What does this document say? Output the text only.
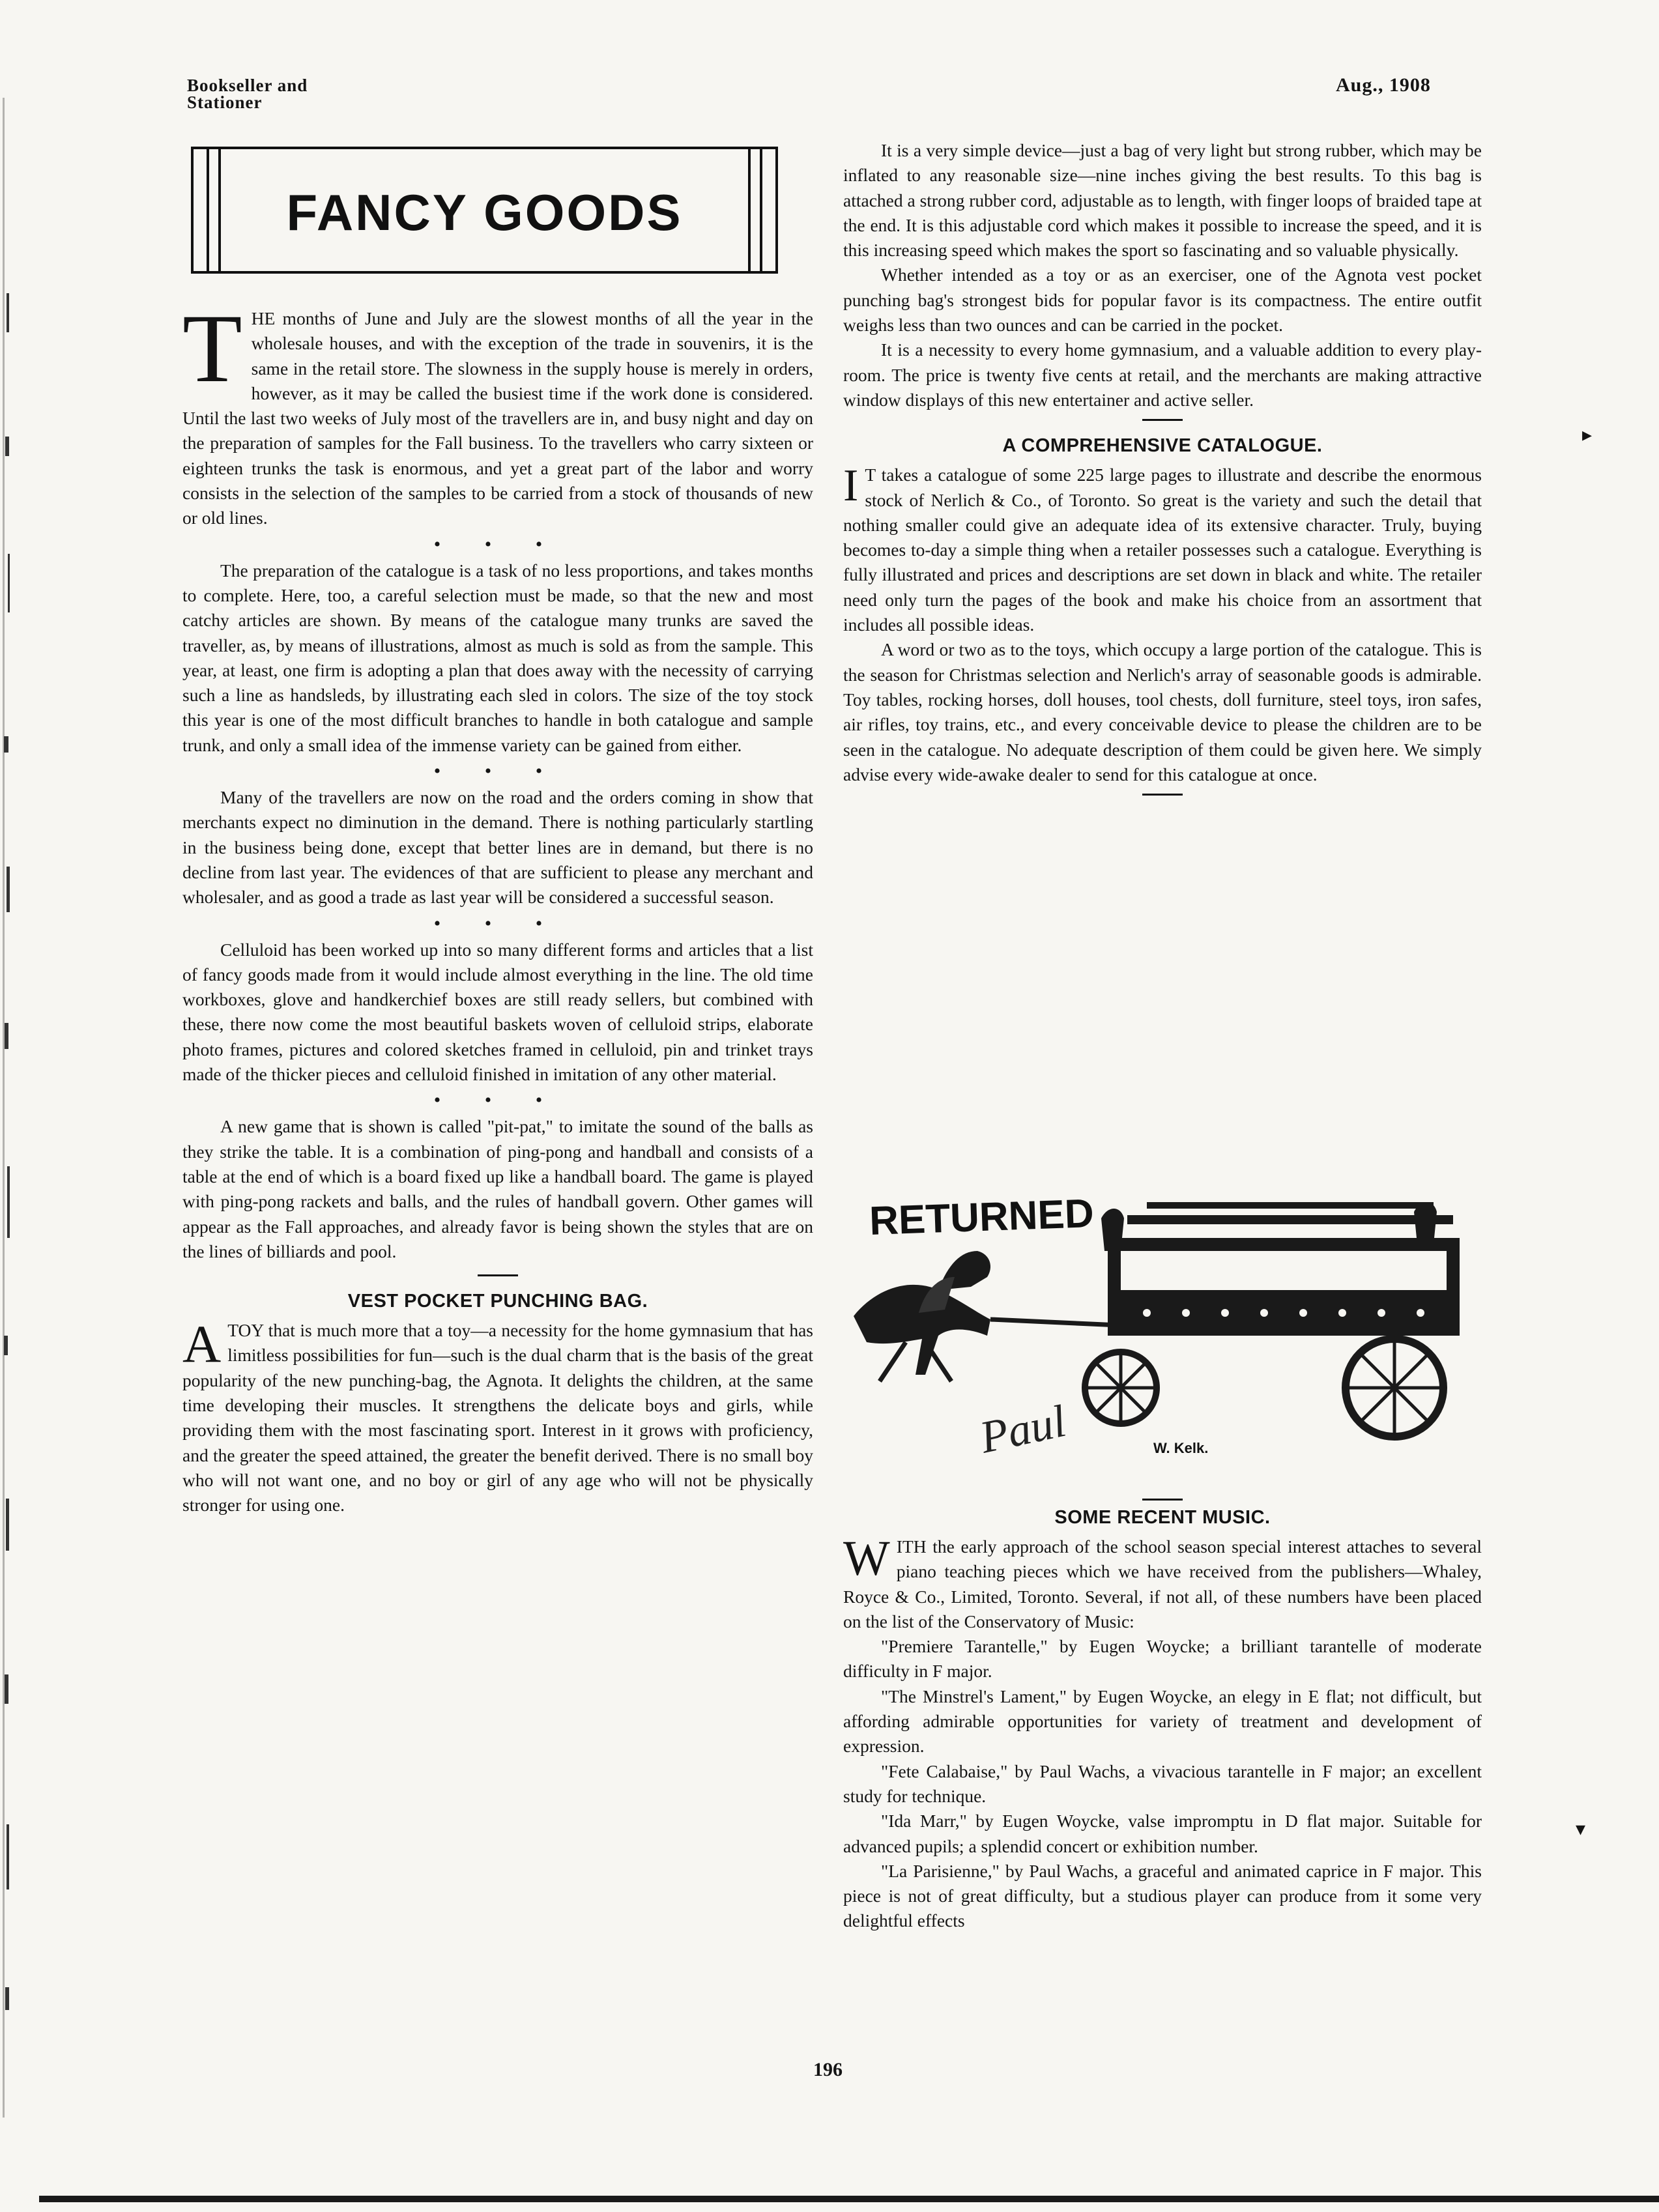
Bookseller and
Stationer
Aug., 1908
FANCY GOODS

THE months of June and July are the slowest months of all the year in the wholesale houses, and with the exception of the trade in souvenirs, it is the same in the retail store. The slowness in the supply house is merely in orders, however, as it may be called the busiest time if the work done is considered. Until the last two weeks of July most of the travellers are in, and busy night and day on the preparation of samples for the Fall business. To the travellers who carry sixteen or eighteen trunks the task is enormous, and yet a great part of the labor and worry consists in the selection of the samples to be carried from a stock of thousands of new or old lines.

• • •

The preparation of the catalogue is a task of no less proportions, and takes months to complete. Here, too, a careful selection must be made, so that the new and most catchy articles are shown. By means of the catalogue many trunks are saved the traveller, as, by means of illustrations, almost as much is sold as from the sample. This year, at least, one firm is adopting a plan that does away with the necessity of carrying such a line as handsleds, by illustrating each sled in colors. The size of the toy stock this year is one of the most difficult branches to handle in both catalogue and sample trunk, and only a small idea of the immense variety can be gained from either.

• • •

Many of the travellers are now on the road and the orders coming in show that merchants expect no diminution in the demand. There is nothing particularly startling in the business being done, except that better lines are in demand, but there is no decline from last year. The evidences of that are sufficient to please any merchant and wholesaler, and as good a trade as last year will be considered a successful season.

• • •

Celluloid has been worked up into so many different forms and articles that a list of fancy goods made from it would include almost everything in the line. The old time workboxes, glove and handkerchief boxes are still ready sellers, but combined with these, there now come the most beautiful baskets woven of celluloid strips, elaborate photo frames, pictures and colored sketches framed in celluloid, pin and trinket trays made of the thicker pieces and celluloid finished in imitation of any other material.

• • •

A new game that is shown is called "pit-pat," to imitate the sound of the balls as they strike the table. It is a combination of ping-pong and handball and consists of a table at the end of which is a board fixed up like a handball board. The game is played with ping-pong rackets and balls, and the rules of handball govern. Other games will appear as the Fall approaches, and already favor is being shown the styles that are on the lines of billiards and pool.

VEST POCKET PUNCHING BAG.

ATOY that is much more that a toy—a necessity for the home gymnasium that has limitless possibilities for fun—such is the dual charm that is the basis of the great popularity of the new punching-bag, the Agnota. It delights the children, at the same time developing their muscles. It strengthens the delicate boys and girls, while providing them with the most fascinating sport. Interest in it grows with proficiency, and the greater the speed attained, the greater the benefit derived. There is no small boy who will not want one, and no boy or girl of any age who will not be physically stronger for using one.

It is a very simple device—just a bag of very light but strong rubber, which may be inflated to any reasonable size—nine inches giving the best results. To this bag is attached a strong rubber cord, adjustable as to length, with finger loops of braided tape at the end. It is this adjustable cord which makes it possible to increase the speed, and it is this increasing speed which makes the sport so fascinating and so valuable physically.

Whether intended as a toy or as an exerciser, one of the Agnota vest pocket punching bag's strongest bids for popular favor is its compactness. The entire outfit weighs less than two ounces and can be carried in the pocket.

It is a necessity to every home gymnasium, and a valuable addition to every play-room. The price is twenty five cents at retail, and the merchants are making attractive window displays of this new entertainer and active seller.

A COMPREHENSIVE CATALOGUE.

I T takes a catalogue of some 225 large pages to illustrate and describe the enormous stock of Nerlich & Co., of Toronto. So great is the variety and such the detail that nothing smaller could give an adequate idea of its extensive character. Truly, buying becomes to-day a simple thing when a retailer possesses such a catalogue. Everything is fully illustrated and prices and descriptions are set down in black and white. The retailer need only turn the pages of the book and make his choice from an assortment that includes all possible ideas.

A word or two as to the toys, which occupy a large portion of the catalogue. This is the season for Christmas selection and Nerlich's array of seasonable goods is admirable. Toy tables, rocking horses, doll houses, tool chests, doll furniture, steel toys, iron safes, air rifles, toy trains, etc., and every conceivable device to please the children are to be seen in the catalogue. No adequate description of them could be given here. We simply advise every wide-awake dealer to send for this catalogue at once.

RETURNED
Paul	W. Kelk.
SOME RECENT MUSIC.

WITH the early approach of the school season special interest attaches to several piano teaching pieces which we have received from the publishers—Whaley, Royce & Co., Limited, Toronto. Several, if not all, of these numbers have been placed on the list of the Conservatory of Music:

"Premiere Tarantelle," by Eugen Woycke; a brilliant tarantelle of moderate difficulty in F major.

"The Minstrel's Lament," by Eugen Woycke, an elegy in E flat; not difficult, but affording admirable opportunities for variety of treatment and development of expression.

"Fete Calabaise," by Paul Wachs, a vivacious tarantelle in F major; an excellent study for technique.

"Ida Marr," by Eugen Woycke, valse impromptu in D flat major. Suitable for advanced pupils; a splendid concert or exhibition number.

"La Parisienne," by Paul Wachs, a graceful and animated caprice in F major. This piece is not of great difficulty, but a studious player can produce from it some very delightful effects

196
▸
▾
